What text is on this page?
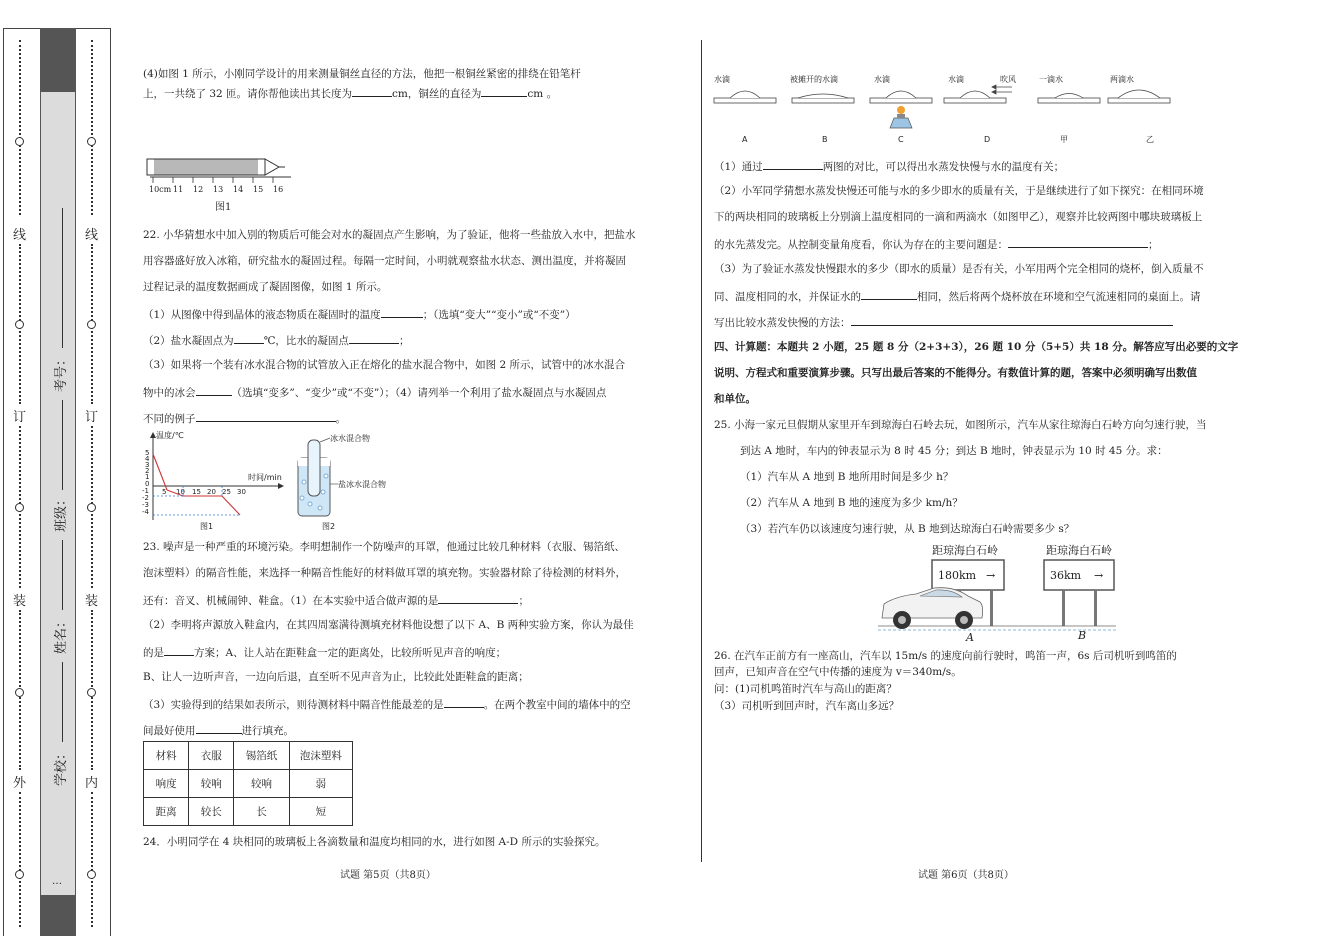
线
订
装
外
线
订
装
内
考号：
班级：
姓名：
学校：
…
(4)如图 1 所示，小刚同学设计的用来测量铜丝直径的方法，他把一根铜丝紧密的排绕在铅笔杆
上，一共绕了 32 匝。请你帮他读出其长度为	cm，铜丝的直径为	cm 。
10cm 11 12 13 14 15 16
图1
22. 小华猜想水中加入别的物质后可能会对水的凝固点产生影响，为了验证，他将一些盐放入水中，把盐水
用容器盛好放入冰箱，研究盐水的凝固过程。每隔一定时间，小明就观察盐水状态、测出温度，并将凝固
过程记录的温度数据画成了凝固图像，如图 1 所示。
（1）从图像中得到晶体的液态物质在凝固时的温度	；（选填“变大”“变小”或“不变”）
（2）盐水凝固点为	℃，比水的凝固点	；
（3）如果将一个装有冰水混合物的试管放入正在熔化的盐水混合物中，如图 2 所示，试管中的冰水混合
物中的冰会	（选填“变多”、“变少”或“不变”）；（4）请列举一个利用了盐水凝固点与水凝固点
不同的例子	。
温度/℃
时间/min
5
4
3
2
1
0
-1
-2
-3
-4
5 10 15 20 25 30
图1
冰水混合物
盐冰水混合物
图2
23. 噪声是一种严重的环境污染。李明想制作一个防噪声的耳罩，他通过比较几种材料（衣服、锡箔纸、
泡沫塑料）的隔音性能，来选择一种隔音性能好的材料做耳罩的填充物。实验器材除了待检测的材料外，
还有：音叉、机械闹钟、鞋盒。（1）在本实验中适合做声源的是	；
（2）李明将声源放入鞋盒内，在其四周塞满待测填充材料他设想了以下 A、B 两种实验方案，你认为最佳
的是	方案；A、让人站在距鞋盒一定的距离处，比较所听见声音的响度；
B、让人一边听声音，一边向后退，直至听不见声音为止，比较此处距鞋盒的距离；
（3）实验得到的结果如表所示，则待测材料中隔音性能最差的是	。在两个教室中间的墙体中的空
间最好使用	进行填充。
材料	衣服	锡箔纸	泡沫塑料
响度	较响	较响	弱
距离	较长	长	短
24．小明同学在 4 块相同的玻璃板上各滴数量和温度均相同的水，进行如图 A-D 所示的实验探究。
试题 第5页（共8页）
水滴	被摊开的水滴	水滴	水滴	一滴水	两滴水
吹风
A	B	C	D	甲	乙
（1）通过	两图的对比，可以得出水蒸发快慢与水的温度有关；
（2）小军同学猜想水蒸发快慢还可能与水的多少即水的质量有关，于是继续进行了如下探究：在相同环境
下的两块相同的玻璃板上分别滴上温度相同的一滴和两滴水（如图甲乙），观察并比较两图中哪块玻璃板上
的水先蒸发完。从控制变量角度看，你认为存在的主要问题是：	；
（3）为了验证水蒸发快慢跟水的多少（即水的质量）是否有关，小军用两个完全相同的烧杯，倒入质量不
同、温度相同的水，并保证水的	相同，然后将两个烧杯放在环境和空气流速相同的桌面上。请
写出比较水蒸发快慢的方法：
四、计算题：本题共 2 小题，25 题 8 分（2+3+3），26 题 10 分（5+5）共 18 分。解答应写出必要的文字
说明、方程式和重要演算步骤。只写出最后答案的不能得分。有数值计算的题，答案中必须明确写出数值
和单位。
25. 小海一家元旦假期从家里开车到琼海白石岭去玩，如图所示，汽车从家往琼海白石岭方向匀速行驶，当
到达 A 地时，车内的钟表显示为 8 时 45 分；到达 B 地时，钟表显示为 10 时 45 分。求：
（1）汽车从 A 地到 B 地所用时间是多少 h？
（2）汽车从 A 地到 B 地的速度为多少 km/h？
（3）若汽车仍以该速度匀速行驶，从 B 地到达琼海白石岭需要多少 s？
距琼海白石岭
180km →
距琼海白石岭
36km →
A	B
26. 在汽车正前方有一座高山，汽车以 15m/s 的速度向前行驶时，鸣笛一声，6s 后司机听到鸣笛的
回声，已知声音在空气中传播的速度为 v＝340m/s。
问：(1)司机鸣笛时汽车与高山的距离？
（3）司机听到回声时，汽车离山多远？
试题 第6页（共8页）
